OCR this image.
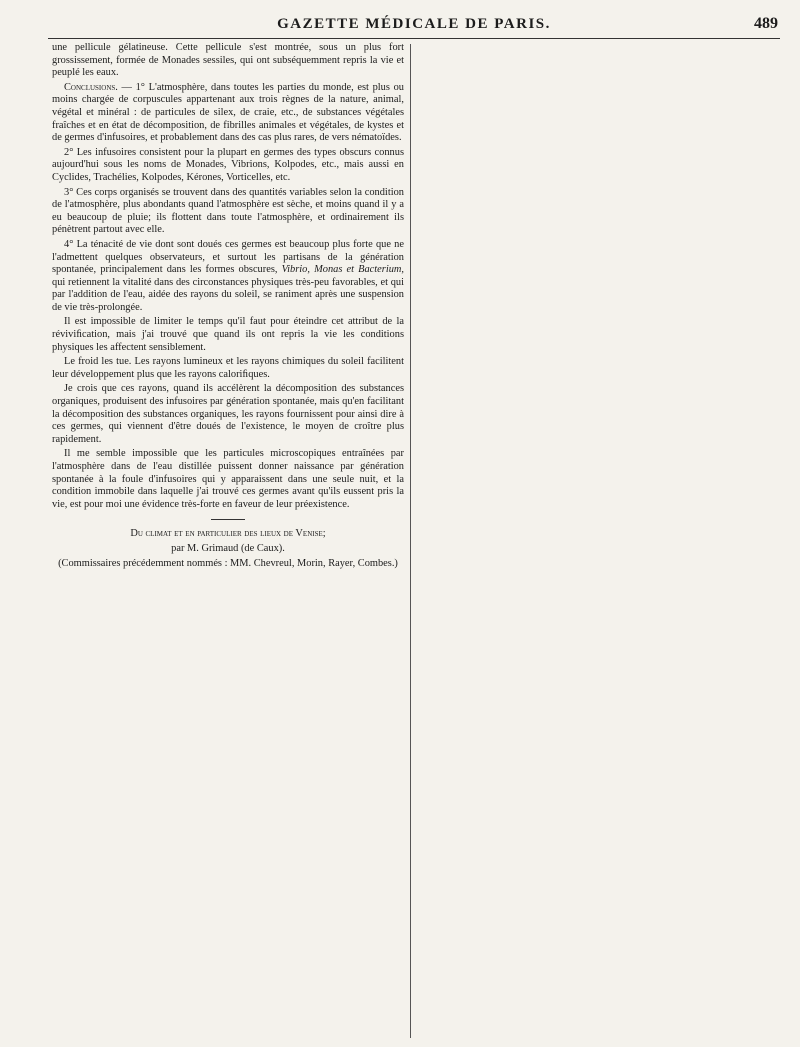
GAZETTE MÉDICALE DE PARIS.	489

une pellicule gélatineuse. Cette pellicule s'est montrée, sous un plus fort grossissement, formée de Monades sessiles, qui ont subséquemment repris la vie et peuplé les eaux.

Conclusions. — 1° L'atmosphère, dans toutes les parties du monde, est plus ou moins chargée de corpuscules appartenant aux trois règnes de la nature, animal, végétal et minéral : de particules de silex, de craie, etc., de substances végétales fraîches et en état de décomposition, de fibrilles animales et végétales, de kystes et de germes d'infusoires, et probablement dans des cas plus rares, de vers nématoïdes.

2° Les infusoires consistent pour la plupart en germes des types obscurs connus aujourd'hui sous les noms de Monades, Vibrions, Kolpodes, etc., mais aussi en Cyclides, Trachélies, Kolpodes, Kérones, Vorticelles, etc.

3° Ces corps organisés se trouvent dans des quantités variables selon la condition de l'atmosphère, plus abondants quand l'atmosphère est sèche, et moins quand il y a eu beaucoup de pluie; ils flottent dans toute l'atmosphère, et ordinairement ils pénètrent partout avec elle.

4° La ténacité de vie dont sont doués ces germes est beaucoup plus forte que ne l'admettent quelques observateurs, et surtout les partisans de la génération spontanée, principalement dans les formes obscures, Vibrio, Monas et Bacterium, qui retiennent la vitalité dans des circonstances physiques très-peu favorables, et qui par l'addition de l'eau, aidée des rayons du soleil, se raniment après une suspension de vie très-prolongée.

Il est impossible de limiter le temps qu'il faut pour éteindre cet attribut de la réviviﬁcation, mais j'ai trouvé que quand ils ont repris la vie les conditions physiques les affectent sensiblement.

Le froid les tue. Les rayons lumineux et les rayons chimiques du soleil facilitent leur développement plus que les rayons caloriﬁques.

Je crois que ces rayons, quand ils accélèrent la décomposition des substances organiques, produisent des infusoires par génération spontanée, mais qu'en facilitant la décomposition des substances organiques, les rayons fournissent pour ainsi dire à ces germes, qui viennent d'être doués de l'existence, le moyen de croître plus rapidement.

Il me semble impossible que les particules microscopiques entraînées par l'atmosphère dans de l'eau distillée puissent donner naissance par génération spontanée à la foule d'infusoires qui y apparaissent dans une seule nuit, et la condition immobile dans laquelle j'ai trouvé ces germes avant qu'ils eussent pris la vie, est pour moi une évidence très-forte en faveur de leur préexistence.

Du climat et en particulier des lieux de Venise;

par M. Grimaud (de Caux).

(Commissaires précédemment nommés : MM. Chevreul, Morin, Rayer, Combes.)
